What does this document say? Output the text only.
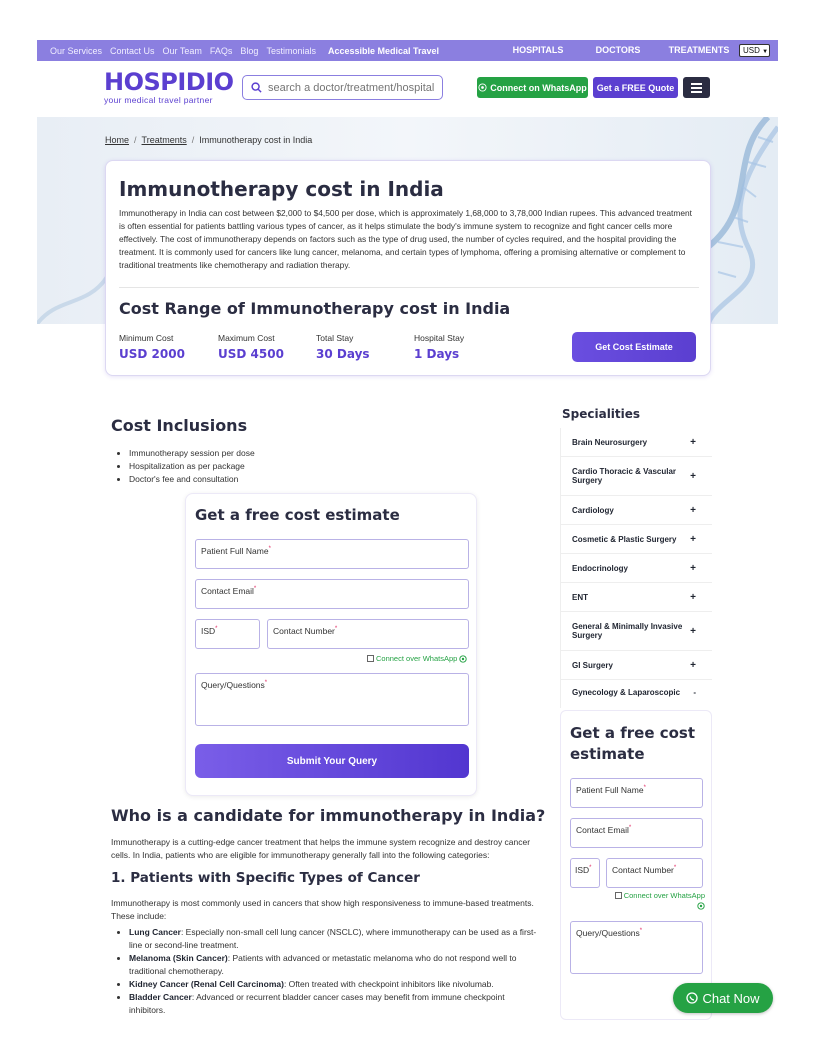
Our Services Contact Us Our Team FAQs Blog Testimonials Accessible Medical Travel	HOSPITALS	DOCTORS	TREATMENTS	USD ▼
HOSPIDIO
your medical travel partner
search a doctor/treatment/hospital
Connect on WhatsApp	Get a FREE Quote
Home / Treatments / Immunotherapy cost in India
Immunotherapy cost in India

Immunotherapy in India can cost between $2,000 to $4,500 per dose, which is approximately 1,68,000 to 3,78,000 Indian rupees. This advanced treatment is often essential for patients battling various types of cancer, as it helps stimulate the body's immune system to recognize and fight cancer cells more effectively. The cost of immunotherapy depends on factors such as the type of drug used, the number of cycles required, and the hospital providing the treatment. It is commonly used for cancers like lung cancer, melanoma, and certain types of lymphoma, offering a promising alternative or complement to traditional treatments like chemotherapy and radiation therapy.

Cost Range of Immunotherapy cost in India
Minimum Cost
USD 2000
Maximum Cost
USD 4500
Total Stay
30 Days
Hospital Stay
1 Days	Get Cost Estimate
Cost Inclusions
• Immunotherapy session per dose
• Hospitalization as per package
• Doctor's fee and consultation
Get a free cost estimate
Patient Full Name*
Contact Email*
ISD*	Contact Number*
Connect over WhatsApp
Query/Questions*
Submit Your Query
Who is a candidate for immunotherapy in India?

Immunotherapy is a cutting-edge cancer treatment that helps the immune system recognize and destroy cancer cells. In India, patients who are eligible for immunotherapy generally fall into the following categories:

1. Patients with Specific Types of Cancer

Immunotherapy is most commonly used in cancers that show high responsiveness to immune-based treatments. These include:

• Lung Cancer: Especially non-small cell lung cancer (NSCLC), where immunotherapy can be used as a first-line or second-line treatment.
• Melanoma (Skin Cancer): Patients with advanced or metastatic melanoma who do not respond well to traditional chemotherapy.
• Kidney Cancer (Renal Cell Carcinoma): Often treated with checkpoint inhibitors like nivolumab.
• Bladder Cancer: Advanced or recurrent bladder cancer cases may benefit from immune checkpoint inhibitors.
Specialities
Brain Neurosurgery	+
Cardio Thoracic & Vascular Surgery	+
Cardiology	+
Cosmetic & Plastic Surgery +
Endocrinology	+
ENT	+
General & Minimally Invasive Surgery	+
GI Surgery	+
Gynecology & Laparoscopic -
Get a free cost estimate
Patient Full Name*
Contact Email*
ISD*	Contact Number*
Connect over WhatsApp
Query/Questions*
Chat Now
